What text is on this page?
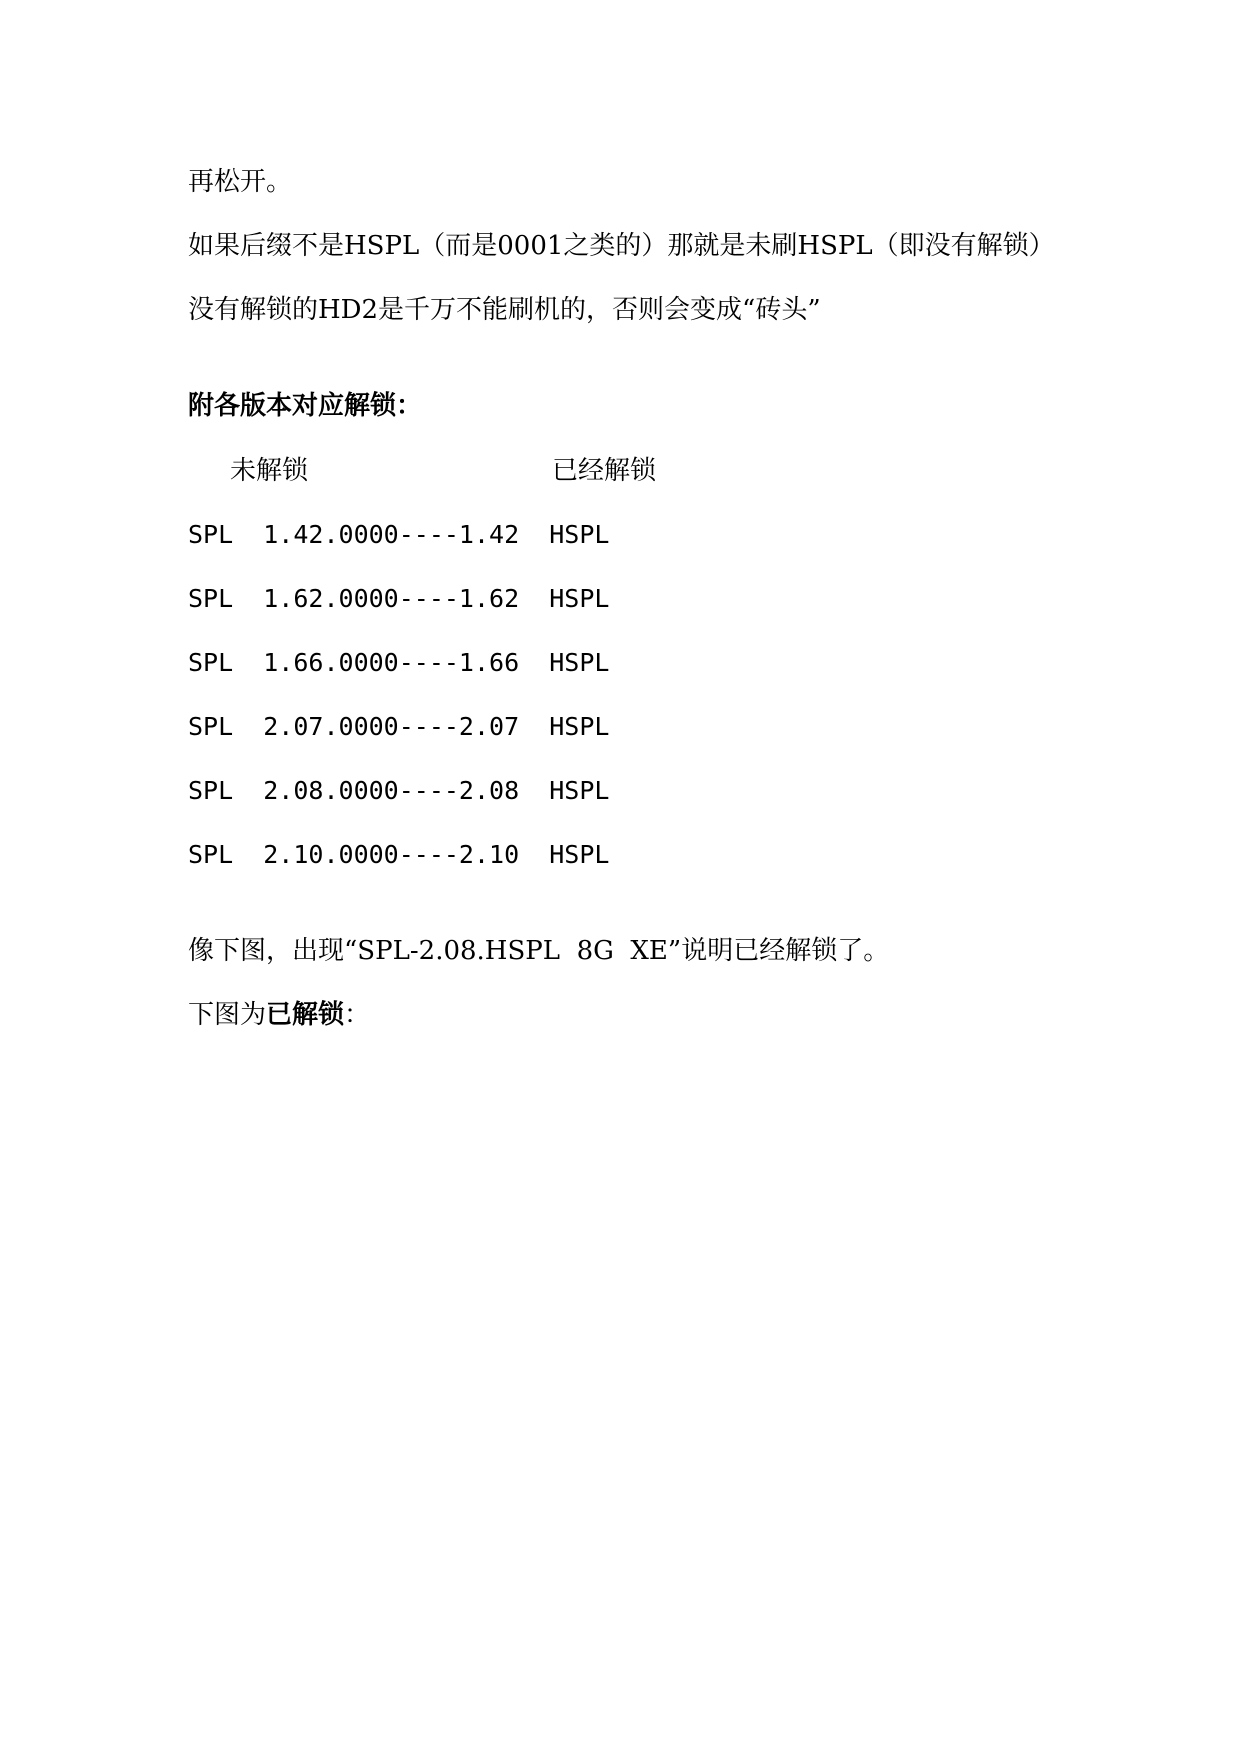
再松开。
如果后缀不是HSPL（而是0001之类的）那就是未刷HSPL（即没有解锁）
没有解锁的HD2是千万不能刷机的，否则会变成“砖头”
附各版本对应解锁：
未解锁	已经解锁
SPL  1.42.0000----1.42  HSPL
SPL  1.62.0000----1.62  HSPL
SPL  1.66.0000----1.66  HSPL
SPL  2.07.0000----2.07  HSPL
SPL  2.08.0000----2.08  HSPL
SPL  2.10.0000----2.10  HSPL
像下图，出现“SPL-2.08.HSPL  8G  XE”说明已经解锁了。
下图为已解锁：
